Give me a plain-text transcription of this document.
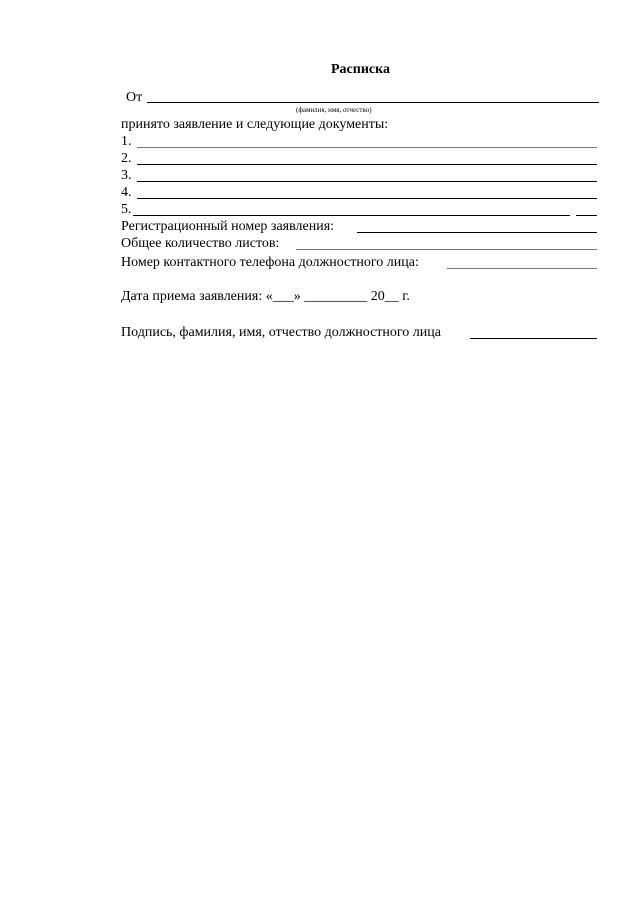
Расписка
От
(фамилия, имя, отчество)
принято заявление и следующие документы:
1.
2.
3.
4.
5.
Регистрационный номер заявления:
Общее количество листов:
Номер контактного телефона должностного лица:
Дата приема заявления: «___» _________ 20__ г.
Подпись, фамилия, имя, отчество должностного лица
